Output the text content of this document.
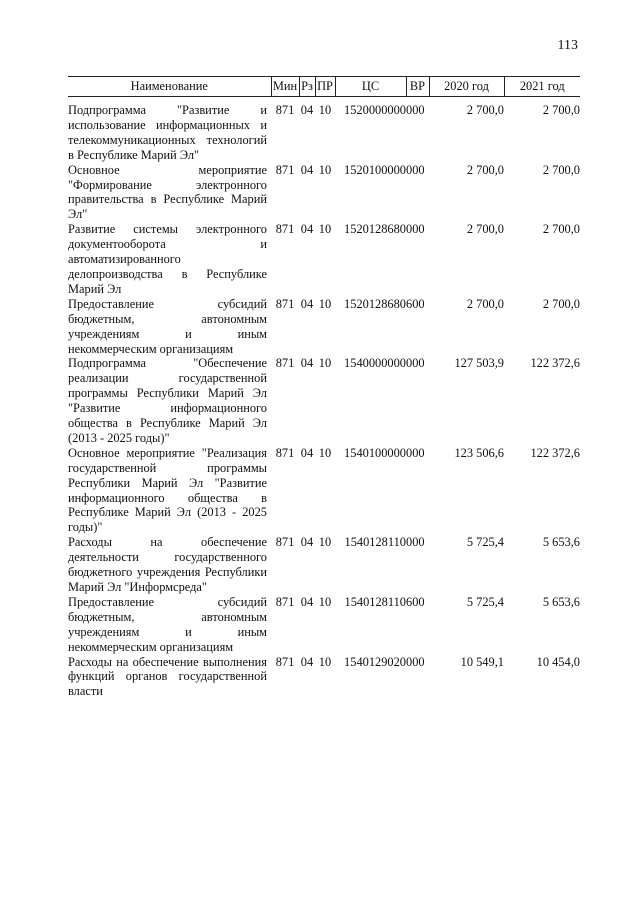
113
Наименование	Мин	Рз	ПР	ЦС	ВР	2020 год	2021 год
Подпрограмма "Развитие и использование информационных и телекоммуникационных технологий в Республике Марий Эл"	871	04	10	1520000000	000	2 700,0	2 700,0
Основное мероприятие "Формирование электронного правительства в Республике Марий Эл"	871	04	10	1520100000	000	2 700,0	2 700,0
Развитие системы электронного документооборота и автоматизированного делопроизводства в Республике Марий Эл	871	04	10	1520128680	000	2 700,0	2 700,0
Предоставление субсидий бюджетным, автономным учреждениям и иным некоммерческим организациям	871	04	10	1520128680	600	2 700,0	2 700,0
Подпрограмма "Обеспечение реализации государственной программы Республики Марий Эл "Развитие информационного общества в Республике Марий Эл (2013 - 2025 годы)"	871	04	10	1540000000	000	127 503,9	122 372,6
Основное мероприятие "Реализация государственной программы Республики Марий Эл "Развитие информационного общества в Республике Марий Эл (2013 - 2025 годы)"	871	04	10	1540100000	000	123 506,6	122 372,6
Расходы на обеспечение деятельности государственного бюджетного учреждения Республики Марий Эл "Информсреда"	871	04	10	1540128110	000	5 725,4	5 653,6
Предоставление субсидий бюджетным, автономным учреждениям и иным некоммерческим организациям	871	04	10	1540128110	600	5 725,4	5 653,6
Расходы на обеспечение выполнения функций органов государственной власти	871	04	10	1540129020	000	10 549,1	10 454,0
